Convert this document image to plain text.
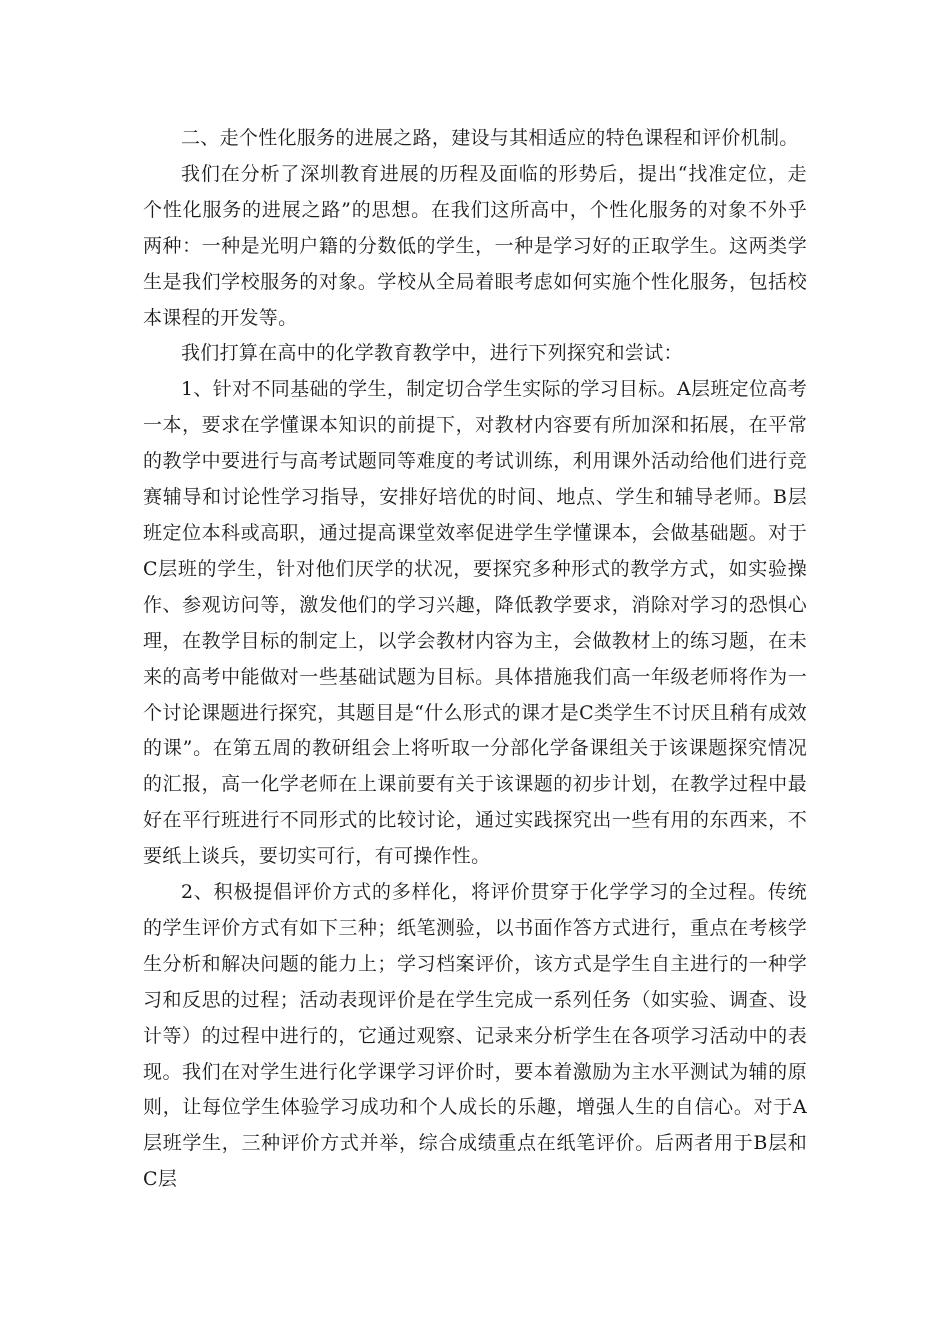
二、走个性化服务的进展之路，建设与其相适应的特色课程和评价机制。

我们在分析了深圳教育进展的历程及面临的形势后，提出“找准定位，走个性化服务的进展之路”的思想。在我们这所高中，个性化服务的对象不外乎两种：一种是光明户籍的分数低的学生，一种是学习好的正取学生。这两类学生是我们学校服务的对象。学校从全局着眼考虑如何实施个性化服务，包括校本课程的开发等。

我们打算在高中的化学教育教学中，进行下列探究和尝试：

1、针对不同基础的学生，制定切合学生实际的学习目标。A层班定位高考一本，要求在学懂课本知识的前提下，对教材内容要有所加深和拓展，在平常的教学中要进行与高考试题同等难度的考试训练，利用课外活动给他们进行竞赛辅导和讨论性学习指导，安排好培优的时间、地点、学生和辅导老师。B层班定位本科或高职，通过提高课堂效率促进学生学懂课本，会做基础题。对于C层班的学生，针对他们厌学的状况，要探究多种形式的教学方式，如实验操作、参观访问等，激发他们的学习兴趣，降低教学要求，消除对学习的恐惧心理，在教学目标的制定上，以学会教材内容为主，会做教材上的练习题，在未来的高考中能做对一些基础试题为目标。具体措施我们高一年级老师将作为一个讨论课题进行探究，其题目是“什么形式的课才是C类学生不讨厌且稍有成效的课”。在第五周的教研组会上将听取一分部化学备课组关于该课题探究情况的汇报，高一化学老师在上课前要有关于该课题的初步计划，在教学过程中最好在平行班进行不同形式的比较讨论，通过实践探究出一些有用的东西来，不要纸上谈兵，要切实可行，有可操作性。

2、积极提倡评价方式的多样化，将评价贯穿于化学学习的全过程。传统的学生评价方式有如下三种；纸笔测验，以书面作答方式进行，重点在考核学生分析和解决问题的能力上；学习档案评价，该方式是学生自主进行的一种学习和反思的过程；活动表现评价是在学生完成一系列任务（如实验、调查、设计等）的过程中进行的，它通过观察、记录来分析学生在各项学习活动中的表现。我们在对学生进行化学课学习评价时，要本着激励为主水平测试为辅的原则，让每位学生体验学习成功和个人成长的乐趣，增强人生的自信心。对于A层班学生，三种评价方式并举，综合成绩重点在纸笔评价。后两者用于B层和C层
